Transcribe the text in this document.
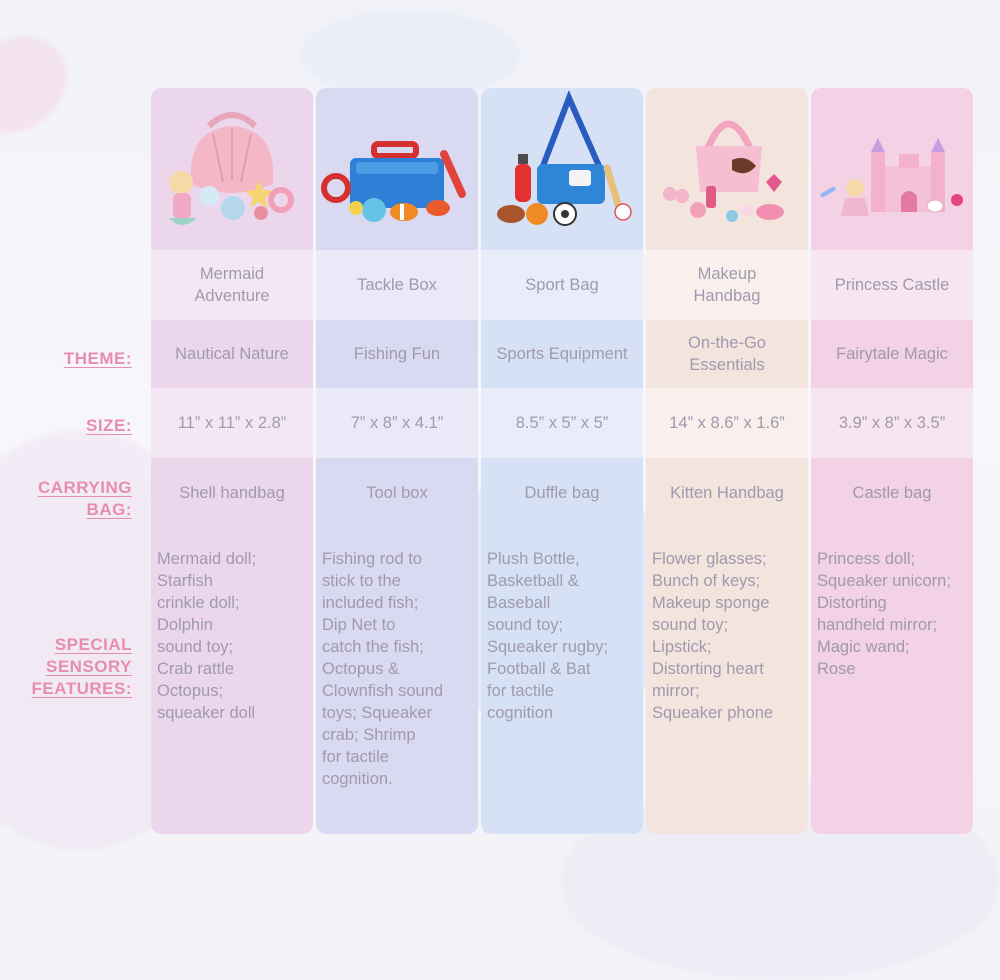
THEME:
SIZE:
CARRYING
BAG:
SPECIAL
SENSORY
FEATURES:
Mermaid
Adventure
Nautical Nature
11” x 11” x 2.8”
Shell handbag
Mermaid doll;
Starfish
crinkle doll;
Dolphin
sound toy;
Crab rattle
Octopus;
squeaker doll
Tackle Box
Fishing Fun
7” x 8” x 4.1”
Tool box
Fishing rod to
stick to the
included fish;
Dip Net to
catch the fish;
Octopus &
Clownfish sound
toys; Squeaker
crab; Shrimp
for tactile
cognition.
Sport Bag
Sports Equipment
8.5” x 5” x 5”
Duffle bag
Plush Bottle,
Basketball &
Baseball
sound toy;
Squeaker rugby;
Football & Bat
for tactile
cognition
Makeup
Handbag
On-the-Go
Essentials
14” x 8.6” x 1.6”
Kitten Handbag
Flower glasses;
Bunch of keys;
Makeup sponge
sound toy;
Lipstick;
Distorting heart
mirror;
Squeaker phone
Princess Castle
Fairytale Magic
3.9” x 8” x 3.5”
Castle bag
Princess doll;
Squeaker unicorn;
Distorting
handheld mirror;
Magic wand;
Rose
